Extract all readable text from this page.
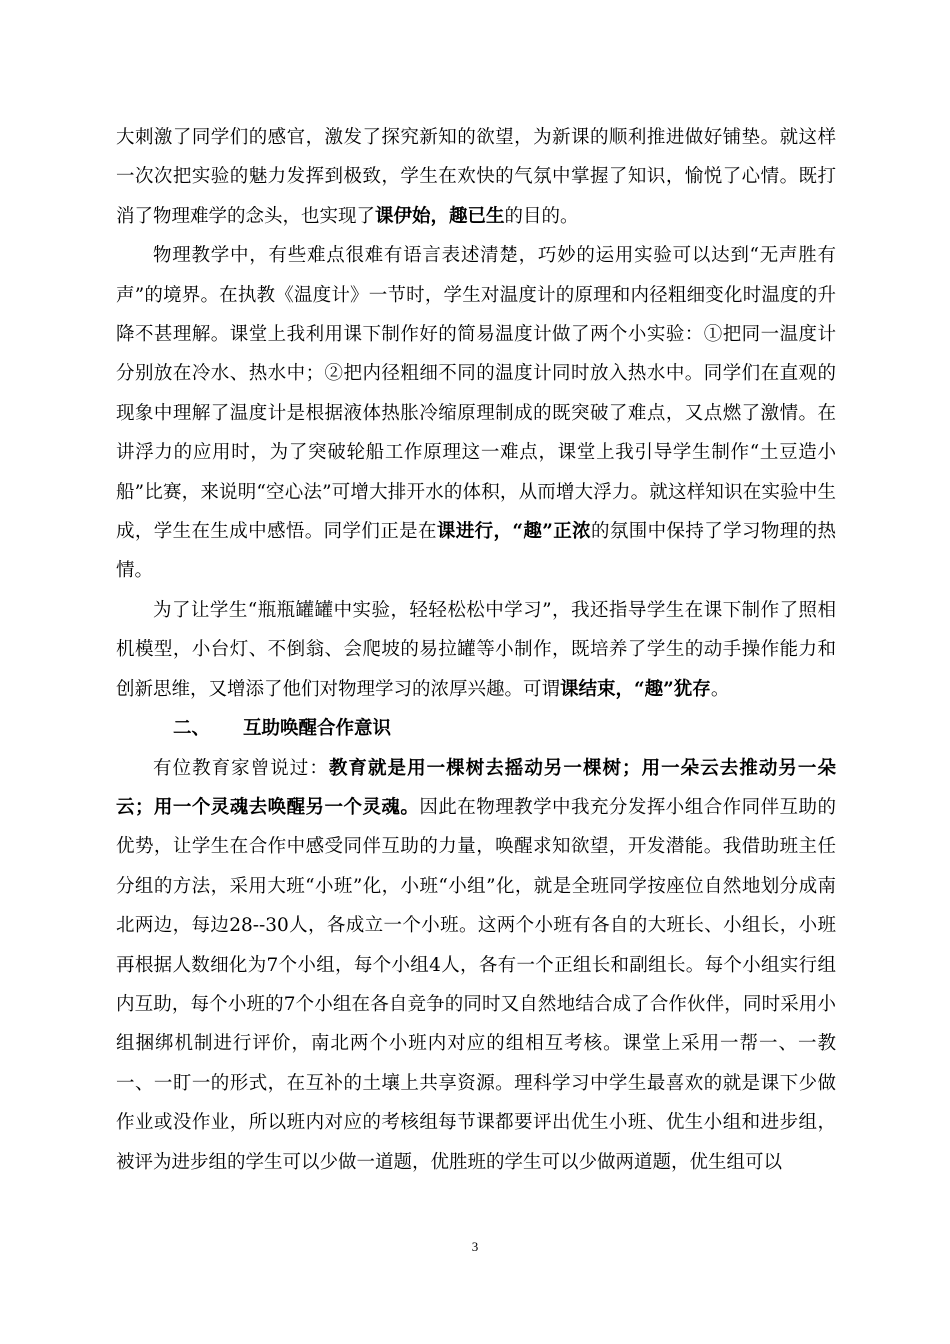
大刺激了同学们的感官，激发了探究新知的欲望，为新课的顺利推进做好铺垫。就这样一次次把实验的魅力发挥到极致，学生在欢快的气氛中掌握了知识，愉悦了心情。既打消了物理难学的念头，也实现了课伊始，趣已生的目的。

物理教学中，有些难点很难有语言表述清楚，巧妙的运用实验可以达到“无声胜有声”的境界。在执教《温度计》一节时，学生对温度计的原理和内径粗细变化时温度的升降不甚理解。课堂上我利用课下制作好的简易温度计做了两个小实验：①把同一温度计分别放在冷水、热水中；②把内径粗细不同的温度计同时放入热水中。同学们在直观的现象中理解了温度计是根据液体热胀冷缩原理制成的既突破了难点，又点燃了激情。在讲浮力的应用时，为了突破轮船工作原理这一难点，课堂上我引导学生制作“土豆造小船”比赛，来说明“空心法”可增大排开水的体积，从而增大浮力。就这样知识在实验中生成，学生在生成中感悟。同学们正是在课进行，“趣”正浓的氛围中保持了学习物理的热情。

为了让学生“瓶瓶罐罐中实验，轻轻松松中学习”，我还指导学生在课下制作了照相机模型，小台灯、不倒翁、会爬坡的易拉罐等小制作，既培养了学生的动手操作能力和创新思维，又增添了他们对物理学习的浓厚兴趣。可谓课结束，“趣”犹存。

二、 互助唤醒合作意识

有位教育家曾说过：教育就是用一棵树去摇动另一棵树；用一朵云去推动另一朵云；用一个灵魂去唤醒另一个灵魂。因此在物理教学中我充分发挥小组合作同伴互助的优势，让学生在合作中感受同伴互助的力量，唤醒求知欲望，开发潜能。我借助班主任分组的方法，采用大班“小班”化，小班“小组”化，就是全班同学按座位自然地划分成南北两边，每边28--30人，各成立一个小班。这两个小班有各自的大班长、小组长，小班再根据人数细化为7个小组，每个小组4人，各有一个正组长和副组长。每个小组实行组内互助，每个小班的7个小组在各自竞争的同时又自然地结合成了合作伙伴，同时采用小组捆绑机制进行评价，南北两个小班内对应的组相互考核。课堂上采用一帮一、一教一、一盯一的形式，在互补的土壤上共享资源。理科学习中学生最喜欢的就是课下少做作业或没作业，所以班内对应的考核组每节课都要评出优生小班、优生小组和进步组，被评为进步组的学生可以少做一道题，优胜班的学生可以少做两道题，优生组可以

3
